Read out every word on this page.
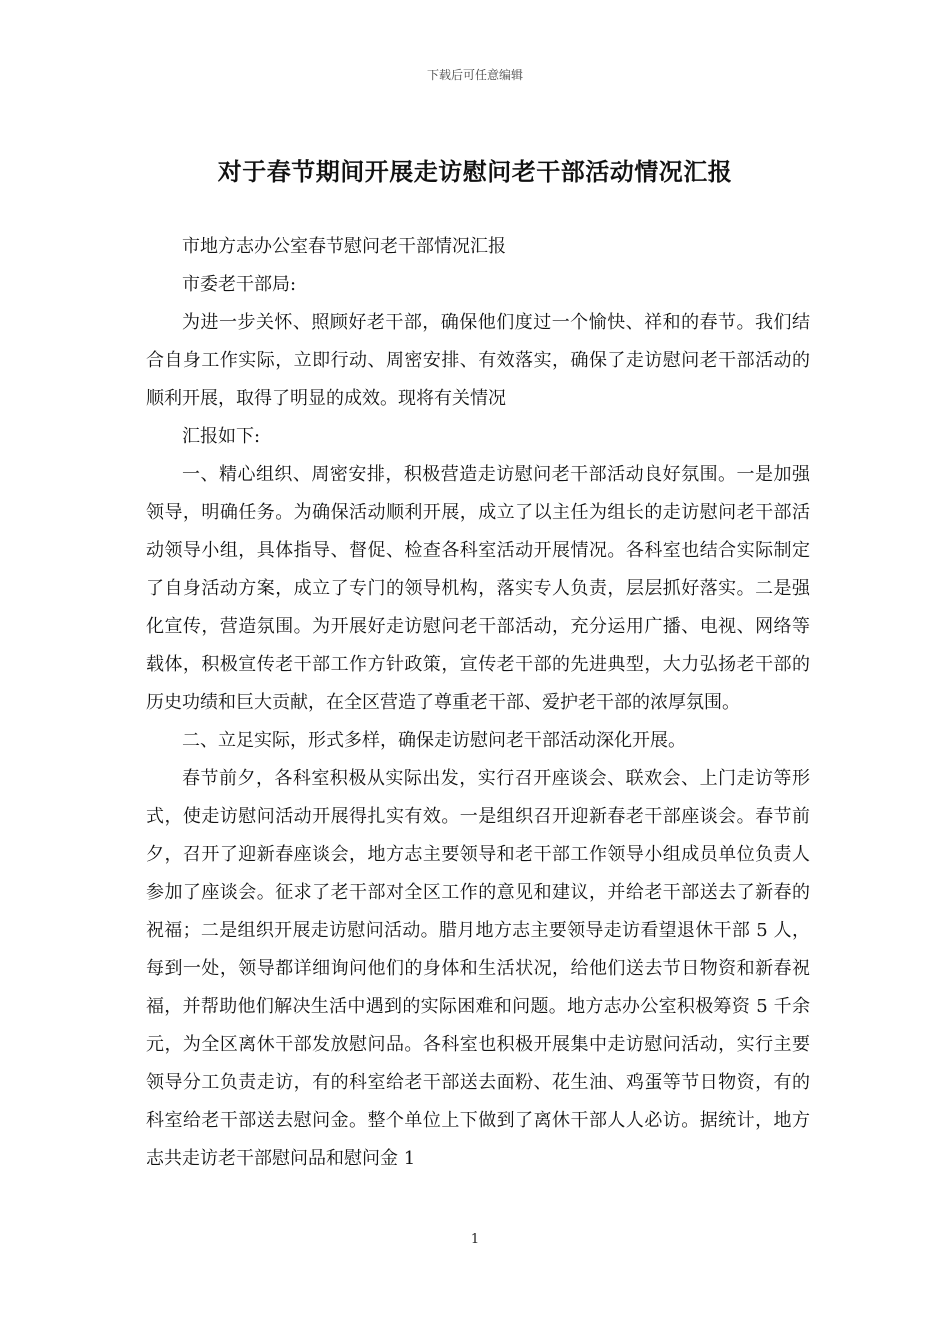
下载后可任意编辑
对于春节期间开展走访慰问老干部活动情况汇报

市地方志办公室春节慰问老干部情况汇报

市委老干部局:

为进一步关怀、照顾好老干部，确保他们度过一个愉快、祥和的春节。我们结合自身工作实际，立即行动、周密安排、有效落实，确保了走访慰问老干部活动的顺利开展，取得了明显的成效。现将有关情况

汇报如下:

一、精心组织、周密安排，积极营造走访慰问老干部活动良好氛围。一是加强领导，明确任务。为确保活动顺利开展，成立了以主任为组长的走访慰问老干部活动领导小组，具体指导、督促、检查各科室活动开展情况。各科室也结合实际制定了自身活动方案，成立了专门的领导机构，落实专人负责，层层抓好落实。二是强化宣传，营造氛围。为开展好走访慰问老干部活动，充分运用广播、电视、网络等载体，积极宣传老干部工作方针政策，宣传老干部的先进典型，大力弘扬老干部的历史功绩和巨大贡献，在全区营造了尊重老干部、爱护老干部的浓厚氛围。

二、立足实际，形式多样，确保走访慰问老干部活动深化开展。

春节前夕，各科室积极从实际出发，实行召开座谈会、联欢会、上门走访等形式，使走访慰问活动开展得扎实有效。一是组织召开迎新春老干部座谈会。春节前夕，召开了迎新春座谈会，地方志主要领导和老干部工作领导小组成员单位负责人参加了座谈会。征求了老干部对全区工作的意见和建议，并给老干部送去了新春的祝福；二是组织开展走访慰问活动。腊月地方志主要领导走访看望退休干部 5 人，每到一处，领导都详细询问他们的身体和生活状况，给他们送去节日物资和新春祝福，并帮助他们解决生活中遇到的实际困难和问题。地方志办公室积极筹资 5 千余元，为全区离休干部发放慰问品。各科室也积极开展集中走访慰问活动，实行主要领导分工负责走访，有的科室给老干部送去面粉、花生油、鸡蛋等节日物资，有的科室给老干部送去慰问金。整个单位上下做到了离休干部人人必访。据统计，地方志共走访老干部慰问品和慰问金 1

1
